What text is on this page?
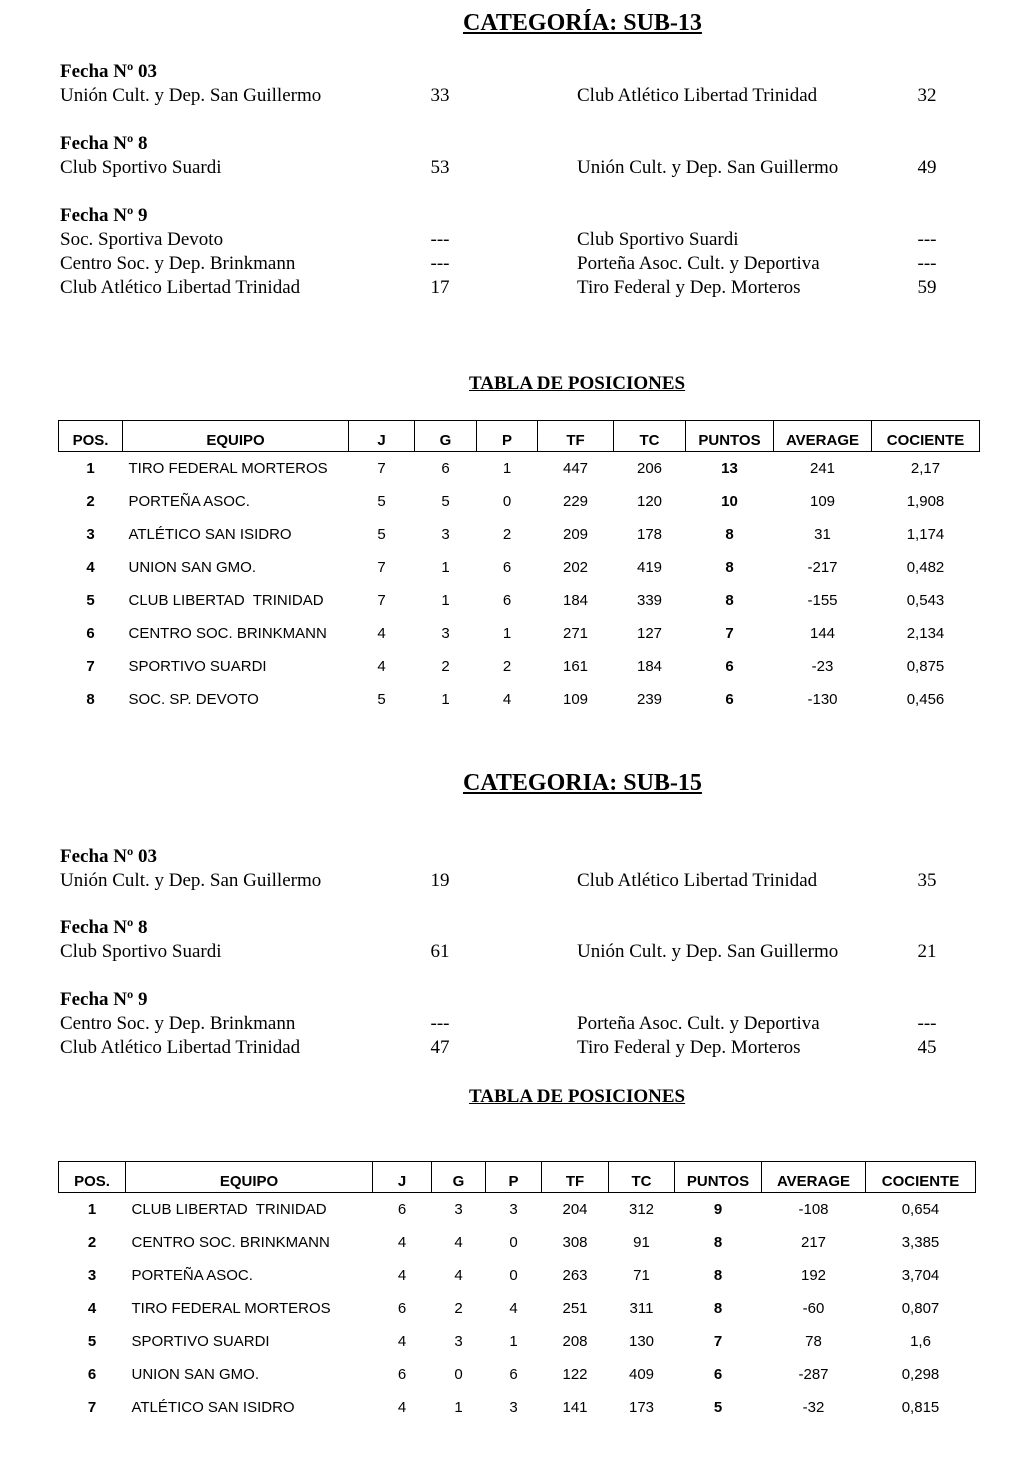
CATEGORÍA: SUB-13
Fecha Nº 03
Unión Cult. y Dep. San Guillermo	33	Club Atlético Libertad Trinidad	32
Fecha Nº 8
Club Sportivo Suardi	53	Unión Cult. y Dep. San Guillermo	49
Fecha Nº 9
Soc. Sportiva Devoto	---	Club Sportivo Suardi	---
Centro Soc. y Dep. Brinkmann	---	Porteña Asoc. Cult. y Deportiva	---
Club Atlético Libertad Trinidad	17	Tiro Federal y Dep. Morteros	59
TABLA DE POSICIONES
POS.	EQUIPO	J	G	P	TF	TC	PUNTOS	AVERAGE	COCIENTE
1	TIRO FEDERAL MORTEROS	7	6	1	447	206	13	241	2,17
2	PORTEÑA ASOC.	5	5	0	229	120	10	109	1,908
3	ATLÉTICO SAN ISIDRO	5	3	2	209	178	8	31	1,174
4	UNION SAN GMO.	7	1	6	202	419	8	-217	0,482
5	CLUB LIBERTAD  TRINIDAD	7	1	6	184	339	8	-155	0,543
6	CENTRO SOC. BRINKMANN	4	3	1	271	127	7	144	2,134
7	SPORTIVO SUARDI	4	2	2	161	184	6	-23	0,875
8	SOC. SP. DEVOTO	5	1	4	109	239	6	-130	0,456
CATEGORIA: SUB-15
Fecha Nº 03
Unión Cult. y Dep. San Guillermo	19	Club Atlético Libertad Trinidad	35
Fecha Nº 8
Club Sportivo Suardi	61	Unión Cult. y Dep. San Guillermo	21
Fecha Nº 9
Centro Soc. y Dep. Brinkmann	---	Porteña Asoc. Cult. y Deportiva	---
Club Atlético Libertad Trinidad	47	Tiro Federal y Dep. Morteros	45
TABLA DE POSICIONES
POS.	EQUIPO	J	G	P	TF	TC	PUNTOS	AVERAGE	COCIENTE
1	CLUB LIBERTAD  TRINIDAD	6	3	3	204	312	9	-108	0,654
2	CENTRO SOC. BRINKMANN	4	4	0	308	91	8	217	3,385
3	PORTEÑA ASOC.	4	4	0	263	71	8	192	3,704
4	TIRO FEDERAL MORTEROS	6	2	4	251	311	8	-60	0,807
5	SPORTIVO SUARDI	4	3	1	208	130	7	78	1,6
6	UNION SAN GMO.	6	0	6	122	409	6	-287	0,298
7	ATLÉTICO SAN ISIDRO	4	1	3	141	173	5	-32	0,815
